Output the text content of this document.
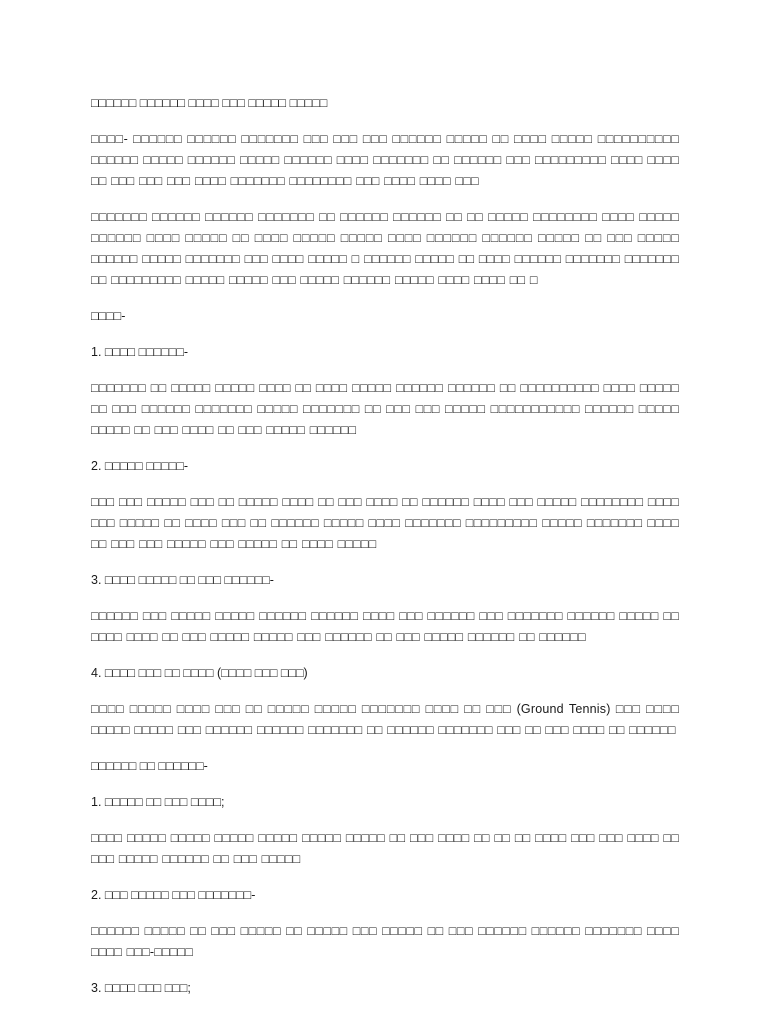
□□□□□□ □□□□□□ □□□□ □□□ □□□□□ □□□□□

□□□□- □□□□□□ □□□□□□ □□□□□□□ □□□ □□□ □□□ □□□□□□ □□□□□ □□ □□□□ □□□□□ □□□□□□□□□□ □□□□□□ □□□□□ □□□□□□ □□□□□ □□□□□□ □□□□ □□□□□□□ □□ □□□□□□ □□□ □□□□□□□□□ □□□□ □□□□ □□ □□□ □□□ □□□ □□□□ □□□□□□□ □□□□□□□□ □□□ □□□□ □□□□ □□□

□□□□□□□ □□□□□□ □□□□□□ □□□□□□□ □□ □□□□□□ □□□□□□ □□ □□ □□□□□ □□□□□□□□ □□□□ □□□□□ □□□□□□ □□□□ □□□□□ □□ □□□□ □□□□□ □□□□□ □□□□ □□□□□□ □□□□□□ □□□□□ □□ □□□ □□□□□ □□□□□□ □□□□□ □□□□□□□ □□□ □□□□ □□□□□ □ □□□□□□ □□□□□ □□ □□□□ □□□□□□ □□□□□□□ □□□□□□□ □□ □□□□□□□□□ □□□□□ □□□□□ □□□ □□□□□ □□□□□□ □□□□□ □□□□ □□□□ □□ □

□□□□-

1. □□□□ □□□□□□-

□□□□□□□ □□ □□□□□ □□□□□ □□□□ □□ □□□□ □□□□□ □□□□□□ □□□□□□ □□ □□□□□□□□□□ □□□□ □□□□□ □□ □□□ □□□□□□ □□□□□□□ □□□□□ □□□□□□□ □□ □□□ □□□ □□□□□ □□□□□□□□□□□ □□□□□□ □□□□□ □□□□□ □□ □□□ □□□□ □□ □□□ □□□□□ □□□□□□

2. □□□□□ □□□□□-

□□□ □□□ □□□□□ □□□ □□ □□□□□ □□□□ □□ □□□ □□□□ □□ □□□□□□ □□□□ □□□ □□□□□ □□□□□□□□ □□□□ □□□ □□□□□ □□ □□□□ □□□ □□ □□□□□□ □□□□□ □□□□ □□□□□□□ □□□□□□□□□ □□□□□ □□□□□□□ □□□□ □□ □□□ □□□ □□□□□ □□□ □□□□□ □□ □□□□ □□□□□

3. □□□□ □□□□□ □□ □□□ □□□□□□-

□□□□□□ □□□ □□□□□ □□□□□ □□□□□□ □□□□□□ □□□□ □□□ □□□□□□ □□□ □□□□□□□ □□□□□□ □□□□□ □□ □□□□ □□□□ □□ □□□ □□□□□ □□□□□ □□□ □□□□□□ □□ □□□ □□□□□ □□□□□□ □□ □□□□□□

4. □□□□ □□□ □□ □□□□ (□□□□ □□□ □□□)

□□□□ □□□□□ □□□□ □□□ □□ □□□□□ □□□□□ □□□□□□□ □□□□ □□ □□□ (Ground Tennis) □□□ □□□□ □□□□□ □□□□□ □□□ □□□□□□ □□□□□□ □□□□□□□ □□ □□□□□□ □□□□□□□ □□□ □□ □□□ □□□□ □□ □□□□□□

□□□□□□ □□ □□□□□□-

1. □□□□□ □□ □□□ □□□□;

□□□□ □□□□□ □□□□□ □□□□□ □□□□□ □□□□□ □□□□□ □□ □□□ □□□□ □□ □□ □□ □□□□ □□□ □□□ □□□□ □□ □□□ □□□□□ □□□□□□ □□ □□□ □□□□□

2. □□□ □□□□□ □□□ □□□□□□□-

□□□□□□ □□□□□ □□ □□□ □□□□□ □□ □□□□□ □□□ □□□□□ □□ □□□ □□□□□□ □□□□□□ □□□□□□□ □□□□ □□□□ □□□-□□□□□

3. □□□□ □□□ □□□;
